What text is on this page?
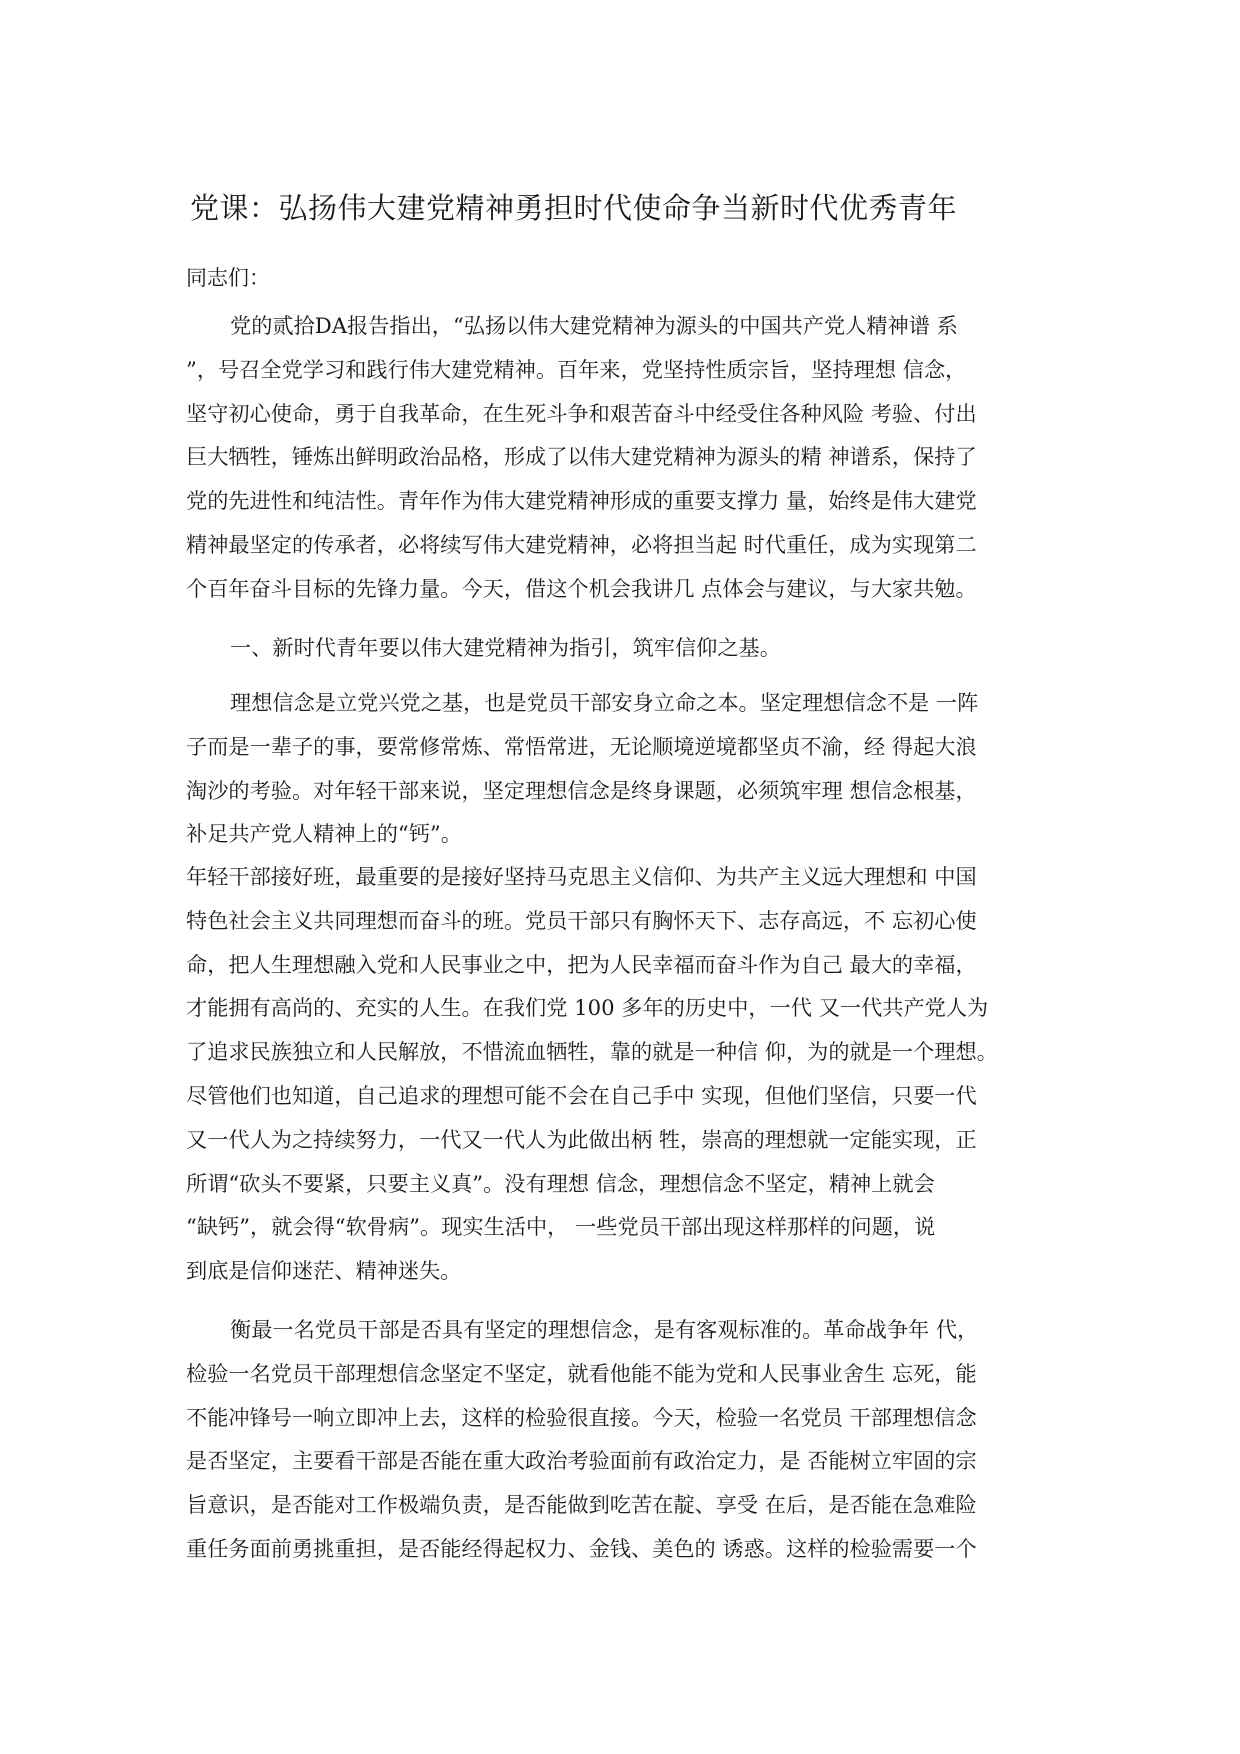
党课：弘扬伟大建党精神勇担时代使命争当新时代优秀青年
同志们：
党的贰拾DA报告指出，“弘扬以伟大建党精神为源头的中国共产党人精神谱 系
”，号召全党学习和践行伟大建党精神。百年来，党坚持性质宗旨，坚持理想 信念，
坚守初心使命，勇于自我革命，在生死斗争和艰苦奋斗中经受住各种风险 考验、付出
巨大牺牲，锤炼出鲜明政治品格，形成了以伟大建党精神为源头的精 神谱系，保持了
党的先进性和纯洁性。青年作为伟大建党精神形成的重要支撑力 量，始终是伟大建党
精神最坚定的传承者，必将续写伟大建党精神，必将担当起 时代重任，成为实现第二
个百年奋斗目标的先锋力量。今天，借这个机会我讲几 点体会与建议，与大家共勉。
一、新时代青年要以伟大建党精神为指引，筑牢信仰之基。
理想信念是立党兴党之基，也是党员干部安身立命之本。坚定理想信念不是 一阵
子而是一辈子的事，要常修常炼、常悟常进，无论顺境逆境都坚贞不渝，经 得起大浪
淘沙的考验。对年轻干部来说，坚定理想信念是终身课题，必须筑牢理 想信念根基，
补足共产党人精神上的“钙”。
年轻干部接好班，最重要的是接好坚持马克思主义信仰、为共产主义远大理想和 中国
特色社会主义共同理想而奋斗的班。党员干部只有胸怀天下、志存高远，不 忘初心使
命，把人生理想融入党和人民事业之中，把为人民幸福而奋斗作为自己 最大的幸福，
才能拥有高尚的、充实的人生。在我们党 100 多年的历史中，一代 又一代共产党人为
了追求民族独立和人民解放，不惜流血牺牲，靠的就是一种信 仰，为的就是一个理想。
尽管他们也知道，自己追求的理想可能不会在自己手中 实现，但他们坚信，只要一代
又一代人为之持续努力，一代又一代人为此做出柄 牲，崇高的理想就一定能实现，正
所谓“砍头不要紧，只要主义真”。没有理想 信念，理想信念不坚定，精神上就会
“缺钙”，就会得“软骨病”。现实生活中， 一些党员干部出现这样那样的问题，说
到底是信仰迷茫、精神迷失。
衡最一名党员干部是否具有坚定的理想信念，是有客观标准的。革命战争年 代，
检验一名党员干部理想信念坚定不坚定，就看他能不能为党和人民事业舍生 忘死，能
不能冲锋号一响立即冲上去，这样的检验很直接。今天，检验一名党员 干部理想信念
是否坚定，主要看干部是否能在重大政治考验面前有政治定力，是 否能树立牢固的宗
旨意识，是否能对工作极端负责，是否能做到吃苦在靛、享受 在后，是否能在急难险
重任务面前勇挑重担，是否能经得起权力、金钱、美色的 诱惑。这样的检验需要一个
